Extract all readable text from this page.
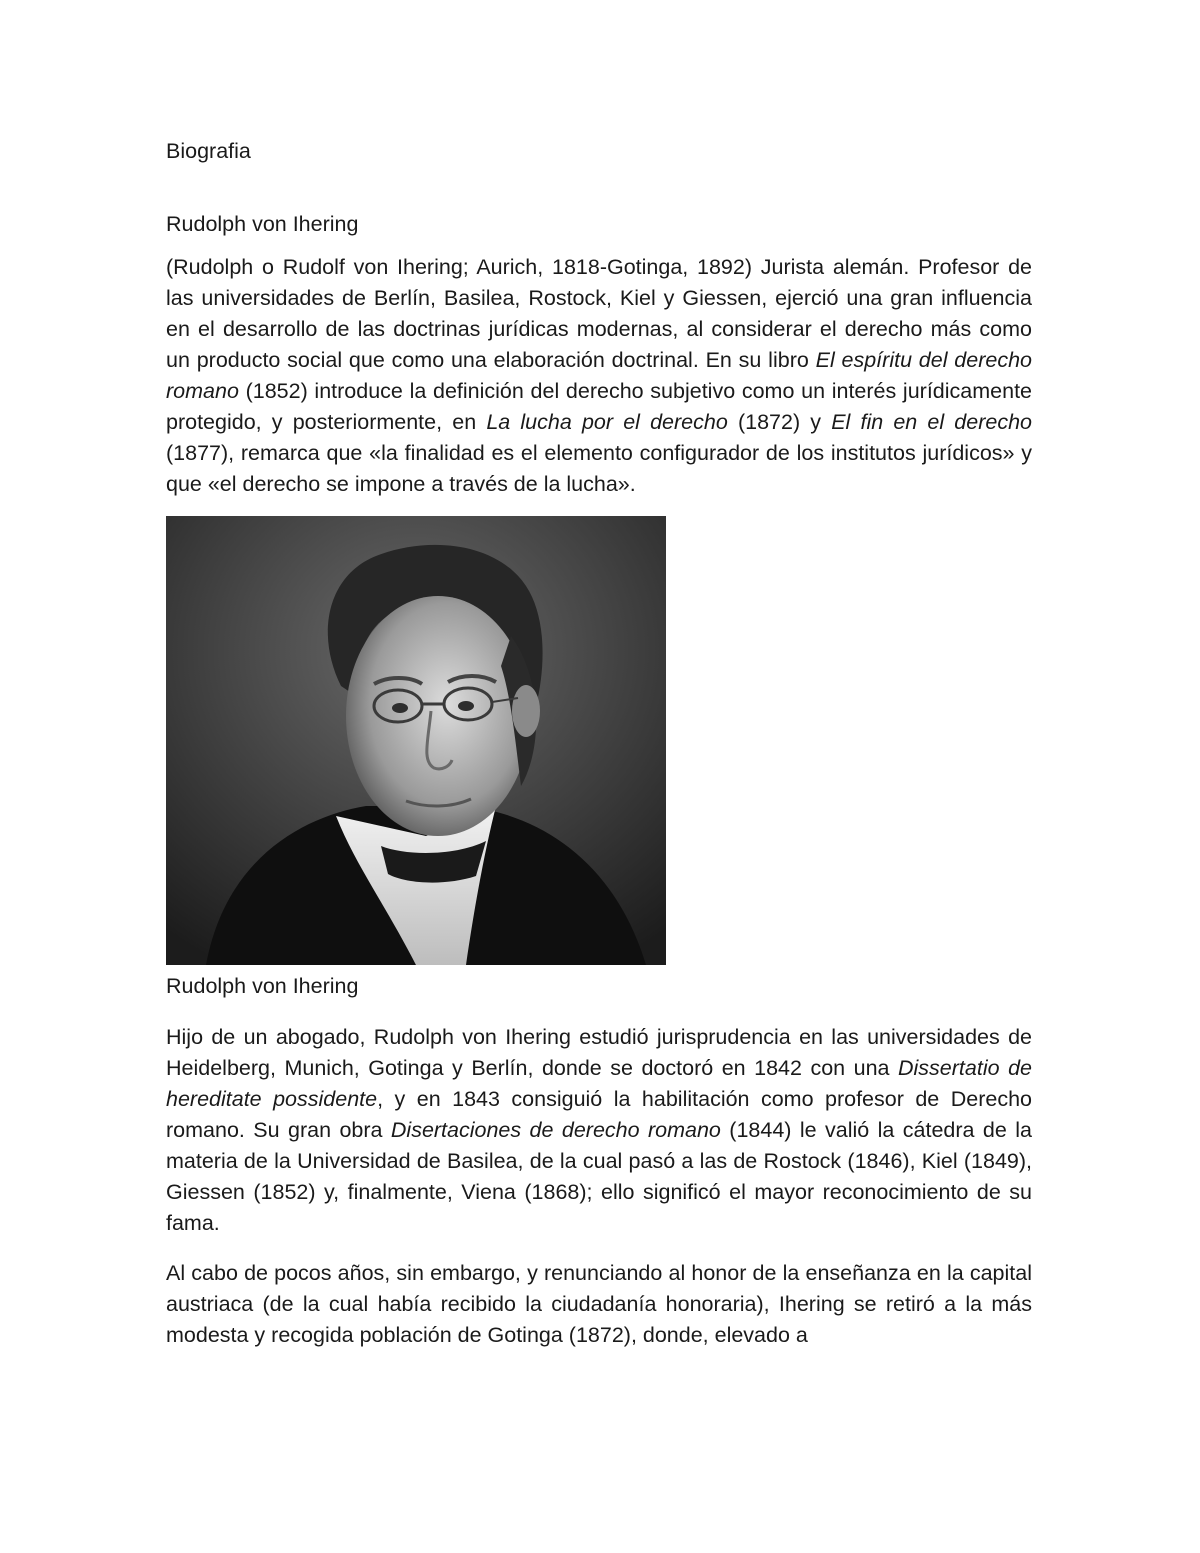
Biografia
Rudolph von Ihering

(Rudolph o Rudolf von Ihering; Aurich, 1818-Gotinga, 1892) Jurista alemán. Profesor de las universidades de Berlín, Basilea, Rostock, Kiel y Giessen, ejerció una gran influencia en el desarrollo de las doctrinas jurídicas modernas, al considerar el derecho más como un producto social que como una elaboración doctrinal. En su libro El espíritu del derecho romano (1852) introduce la definición del derecho subjetivo como un interés jurídicamente protegido, y posteriormente, en La lucha por el derecho (1872) y El fin en el derecho (1877), remarca que «la finalidad es el elemento configurador de los institutos jurídicos» y que «el derecho se impone a través de la lucha».

Rudolph von Ihering

Hijo de un abogado, Rudolph von Ihering estudió jurisprudencia en las universidades de Heidelberg, Munich, Gotinga y Berlín, donde se doctoró en 1842 con una Dissertatio de hereditate possidente, y en 1843 consiguió la habilitación como profesor de Derecho romano. Su gran obra Disertaciones de derecho romano (1844) le valió la cátedra de la materia de la Universidad de Basilea, de la cual pasó a las de Rostock (1846), Kiel (1849), Giessen (1852) y, finalmente, Viena (1868); ello significó el mayor reconocimiento de su fama.

Al cabo de pocos años, sin embargo, y renunciando al honor de la enseñanza en la capital austriaca (de la cual había recibido la ciudadanía honoraria), Ihering se retiró a la más modesta y recogida población de Gotinga (1872), donde, elevado a
